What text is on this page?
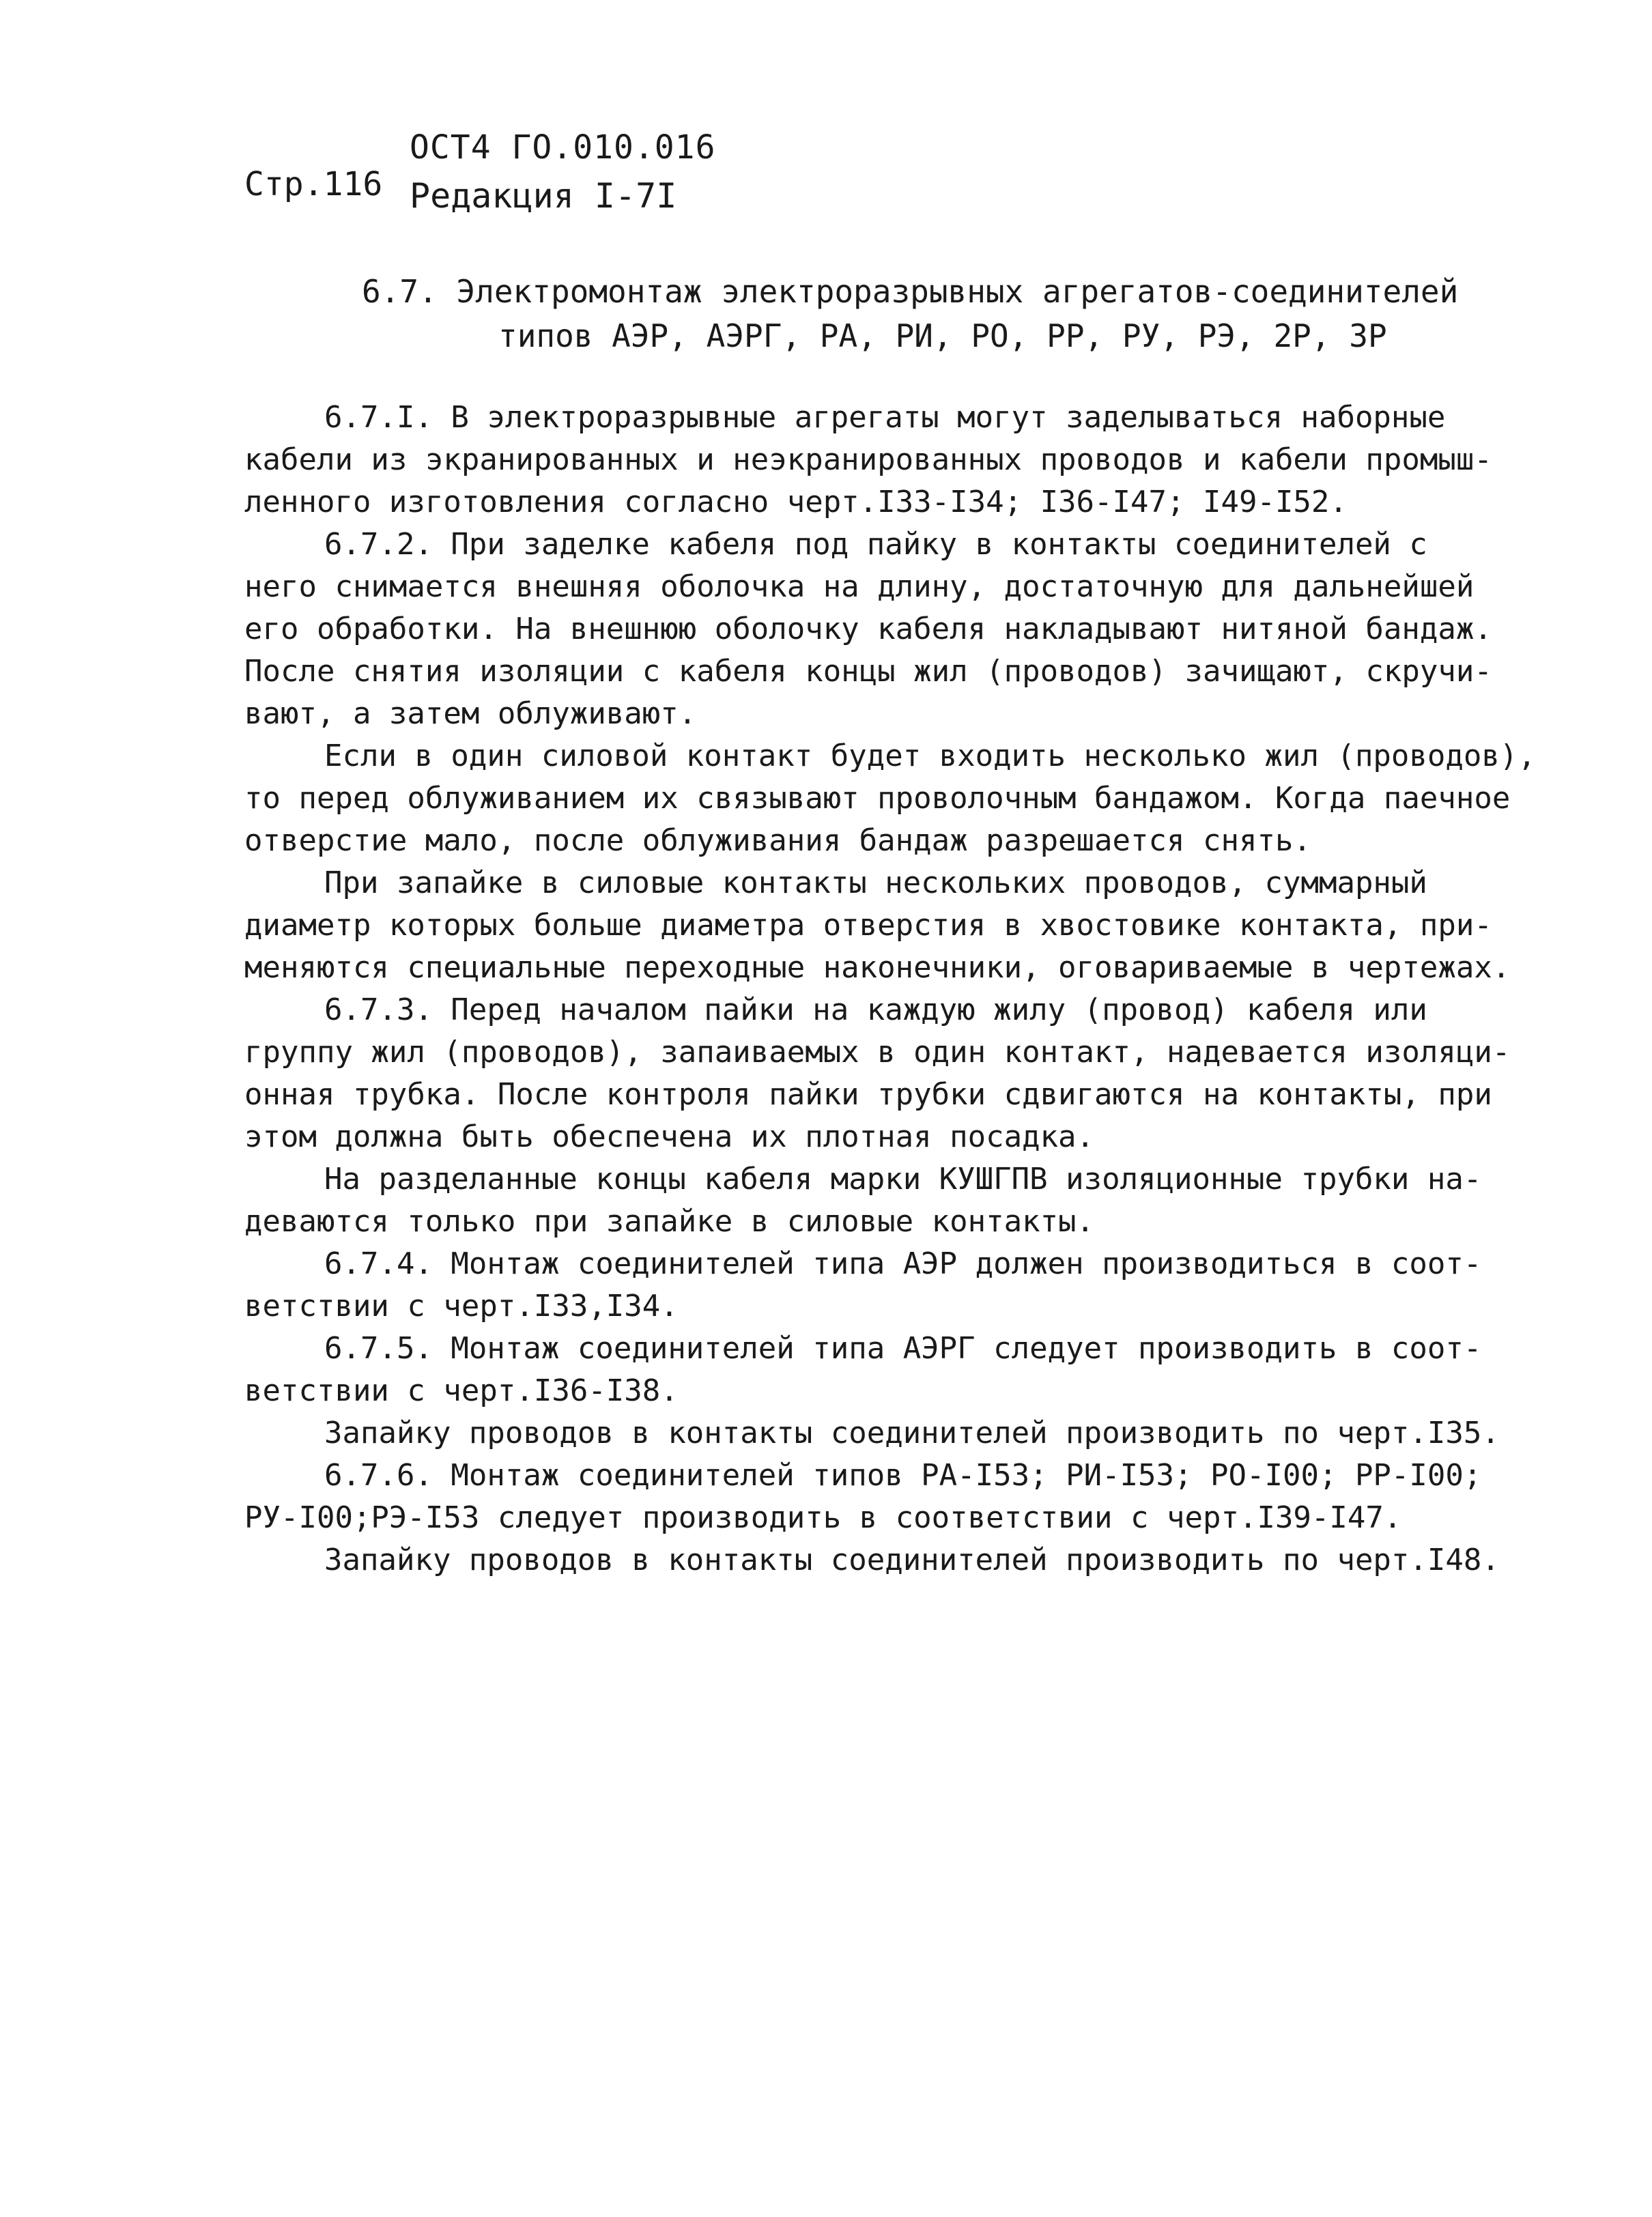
ОСТ4 ГО.010.016
Стр.116 Редакция I-7I
6.7. Электромонтаж электроразрывных агрегатов-соединителей
типов АЭР, АЭРГ, РА, РИ, РО, РР, РУ, РЭ, 2Р, 3Р
6.7.I. В электроразрывные агрегаты могут заделываться наборные
кабели из экранированных и неэкранированных проводов и кабели промыш-
ленного изготовления согласно черт.I33-I34; I36-I47; I49-I52.
6.7.2. При заделке кабеля под пайку в контакты соединителей с
него снимается внешняя оболочка на длину, достаточную для дальнейшей
его обработки. На внешнюю оболочку кабеля накладывают нитяной бандаж.
После снятия изоляции с кабеля концы жил (проводов) зачищают, скручи-
вают, а затем облуживают.
Если в один силовой контакт будет входить несколько жил (проводов),
то перед облуживанием их связывают проволочным бандажом. Когда паечное
отверстие мало, после облуживания бандаж разрешается снять.
При запайке в силовые контакты нескольких проводов, суммарный
диаметр которых больше диаметра отверстия в хвостовике контакта, при-
меняются специальные переходные наконечники, оговариваемые в чертежах.
6.7.3. Перед началом пайки на каждую жилу (провод) кабеля или
группу жил (проводов), запаиваемых в один контакт, надевается изоляци-
онная трубка. После контроля пайки трубки сдвигаются на контакты, при
этом должна быть обеспечена их плотная посадка.
На разделанные концы кабеля марки КУШГПВ изоляционные трубки на-
деваются только при запайке в силовые контакты.
6.7.4. Монтаж соединителей типа АЭР должен производиться в соот-
ветствии с черт.I33,I34.
6.7.5. Монтаж соединителей типа АЭРГ следует производить в соот-
ветствии с черт.I36-I38.
Запайку проводов в контакты соединителей производить по черт.I35.
6.7.6. Монтаж соединителей типов РА-I53; РИ-I53; РО-I00; РР-I00;
РУ-I00;РЭ-I53 следует производить в соответствии с черт.I39-I47.
Запайку проводов в контакты соединителей производить по черт.I48.
